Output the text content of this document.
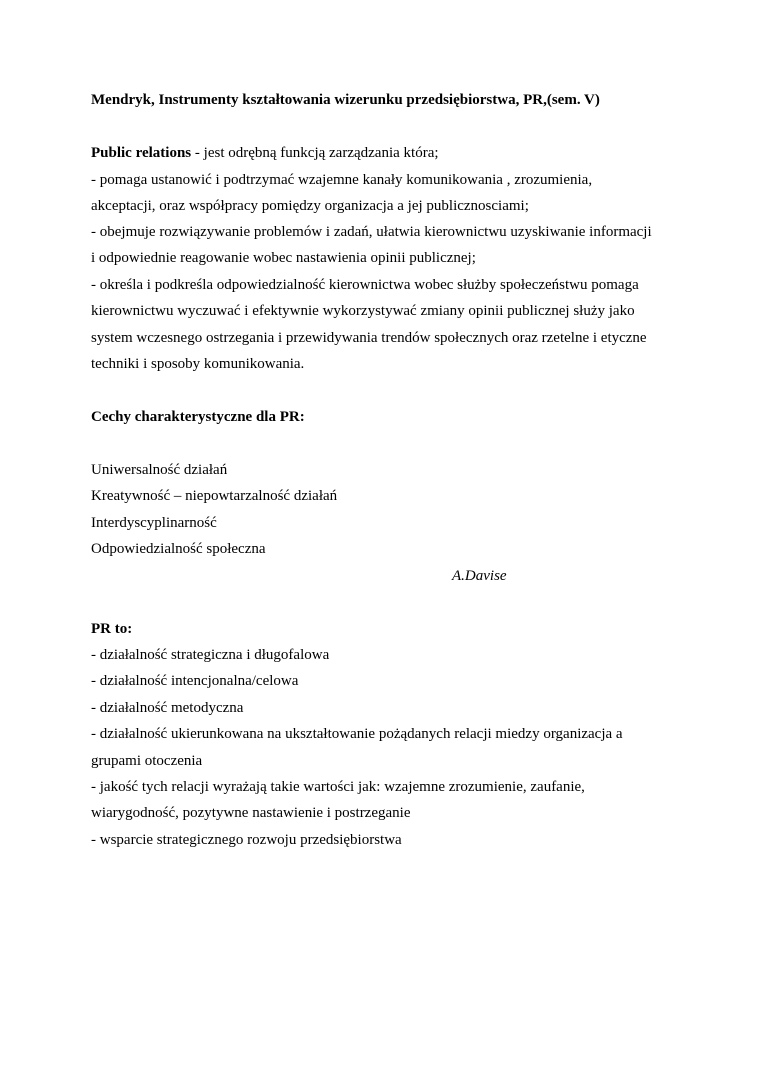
Mendryk, Instrumenty kształtowania wizerunku przedsiębiorstwa, PR,(sem. V)

Public relations - jest odrębną funkcją zarządzania która;

- pomaga ustanowić i podtrzymać wzajemne kanały komunikowania , zrozumienia,

akceptacji, oraz współpracy pomiędzy organizacja a jej publicznosciami;

- obejmuje rozwiązywanie problemów i zadań, ułatwia kierownictwu uzyskiwanie informacji

i odpowiednie reagowanie wobec nastawienia opinii publicznej;

- określa i podkreśla odpowiedzialność kierownictwa wobec służby społeczeństwu pomaga

kierownictwu wyczuwać i efektywnie wykorzystywać zmiany opinii publicznej służy jako

system wczesnego ostrzegania i przewidywania trendów społecznych oraz rzetelne i etyczne

techniki i sposoby komunikowania.

Cechy charakterystyczne dla PR:

Uniwersalność działań

Kreatywność – niepowtarzalność działań

Interdyscyplinarność

Odpowiedzialność społeczna

A.Davise

PR to:

- działalność strategiczna i długofalowa

- działalność intencjonalna/celowa

- działalność metodyczna

- działalność ukierunkowana na ukształtowanie pożądanych relacji miedzy organizacja a

grupami otoczenia

- jakość tych relacji wyrażają takie wartości jak: wzajemne zrozumienie, zaufanie,

wiarygodność, pozytywne nastawienie i postrzeganie

- wsparcie strategicznego rozwoju przedsiębiorstwa
